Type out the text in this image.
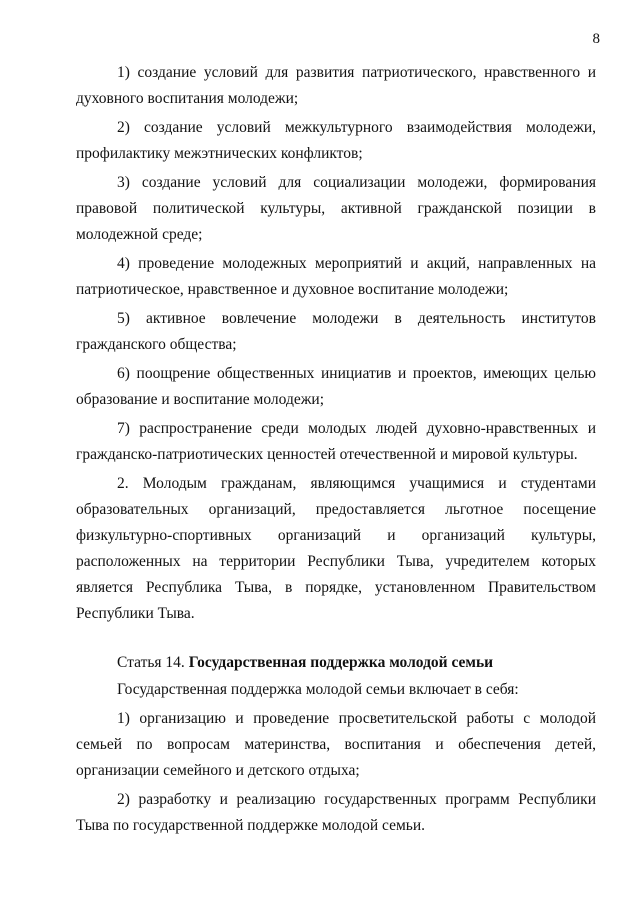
8

1) создание условий для развития патриотического, нравственного и духовного воспитания молодежи;

2) создание условий межкультурного взаимодействия молодежи, профилактику межэтнических конфликтов;

3) создание условий для социализации молодежи, формирования правовой политической культуры, активной гражданской позиции в молодежной среде;

4) проведение молодежных мероприятий и акций, направленных на патриотическое, нравственное и духовное воспитание молодежи;

5) активное вовлечение молодежи в деятельность институтов гражданского общества;

6) поощрение общественных инициатив и проектов, имеющих целью образование и воспитание молодежи;

7) распространение среди молодых людей духовно-нравственных и гражданско-патриотических ценностей отечественной и мировой культуры.

2. Молодым гражданам, являющимся учащимися и студентами образовательных организаций, предоставляется льготное посещение физкультурно-спортивных организаций и организаций культуры, расположенных на территории Республики Тыва, учредителем которых является Республика Тыва, в порядке, установленном Правительством Республики Тыва.

Статья 14. Государственная поддержка молодой семьи

Государственная поддержка молодой семьи включает в себя:

1) организацию и проведение просветительской работы с молодой семьей по вопросам материнства, воспитания и обеспечения детей, организации семейного и детского отдыха;

2) разработку и реализацию государственных программ Республики Тыва по государственной поддержке молодой семьи.
